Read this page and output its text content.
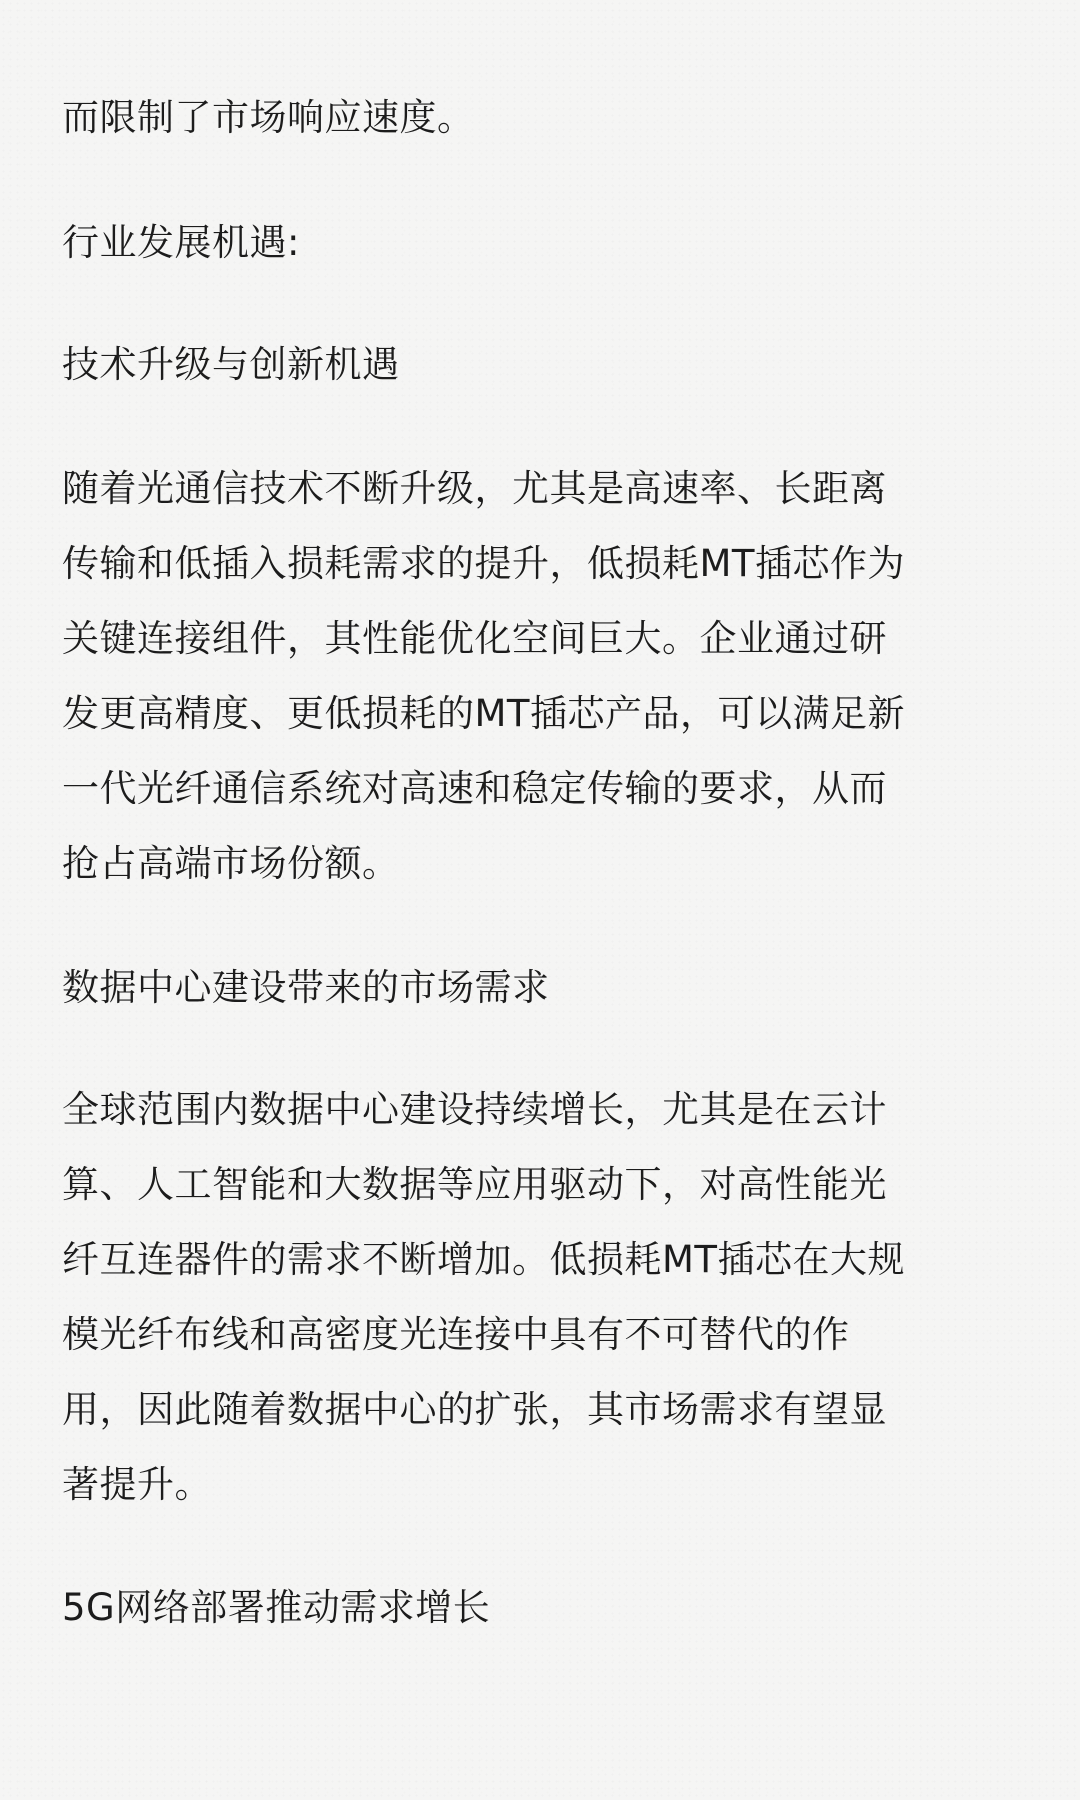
而限制了市场响应速度。

行业发展机遇:

技术升级与创新机遇

随着光通信技术不断升级，尤其是高速率、长距离
传输和低插入损耗需求的提升，低损耗MT插芯作为
关键连接组件，其性能优化空间巨大。企业通过研
发更高精度、更低损耗的MT插芯产品，可以满足新
一代光纤通信系统对高速和稳定传输的要求，从而
抢占高端市场份额。

数据中心建设带来的市场需求

全球范围内数据中心建设持续增长，尤其是在云计
算、人工智能和大数据等应用驱动下，对高性能光
纤互连器件的需求不断增加。低损耗MT插芯在大规
模光纤布线和高密度光连接中具有不可替代的作
用，因此随着数据中心的扩张，其市场需求有望显
著提升。

5G网络部署推动需求增长
